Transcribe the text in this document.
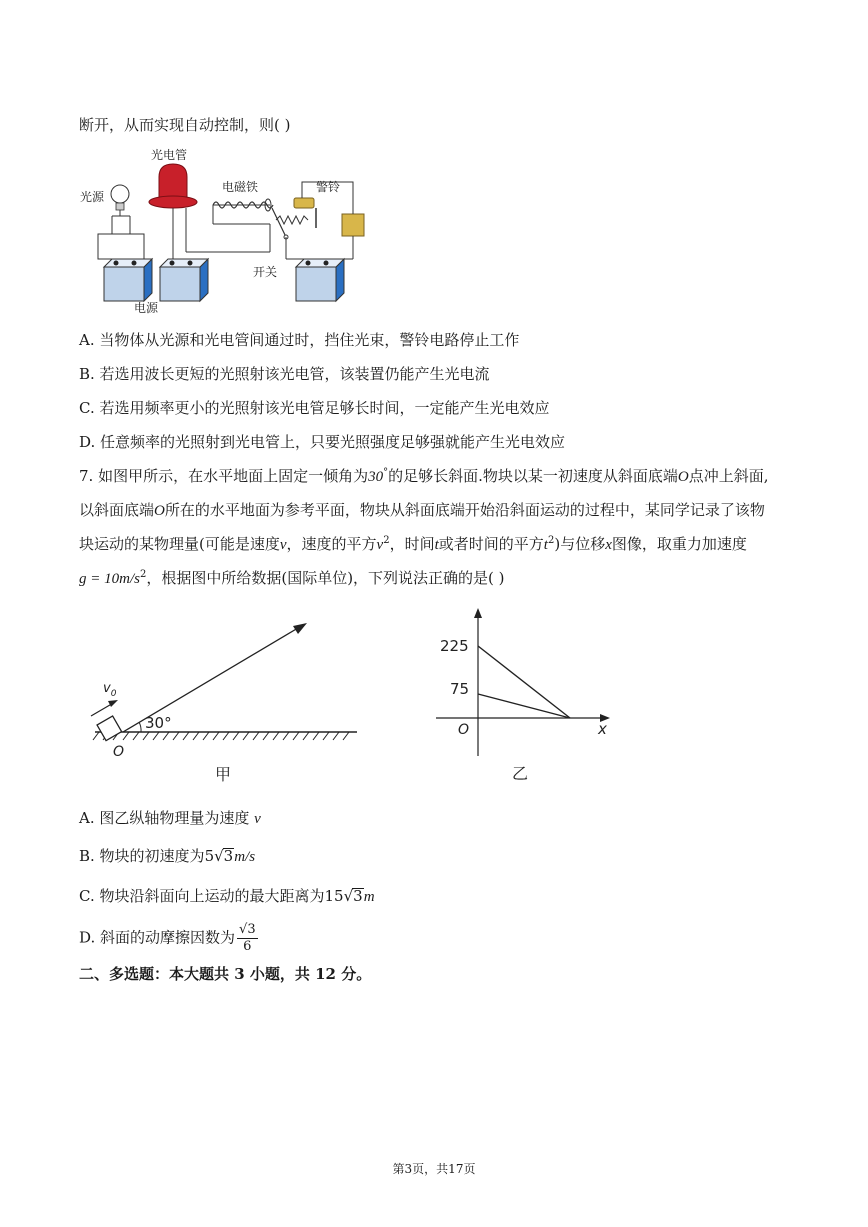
断开，从而实现自动控制，则( )
光电管
光源
电磁铁	警铃
开关
电源
A. 当物体从光源和光电管间通过时，挡住光束，警铃电路停止工作
B. 若选用波长更短的光照射该光电管，该装置仍能产生光电流
C. 若选用频率更小的光照射该光电管足够长时间，一定能产生光电效应
D. 任意频率的光照射到光电管上，只要光照强度足够强就能产生光电效应
7. 如图甲所示，在水平地面上固定一倾角为30°的足够长斜面.物块以某一初速度从斜面底端O点冲上斜面,
以斜面底端O所在的水平地面为参考平面，物块从斜面底端开始沿斜面运动的过程中，某同学记录了该物
块运动的某物理量(可能是速度v，速度的平方$v^2$，时间t或者时间的平方$t^2$)与位移x图像，取重力加速度
$g = 10m/s^2$，根据图中所给数据(国际单位)，下列说法正确的是( )
$v_0$
30°
O
甲
225
75
O	x
乙
A. 图乙纵轴物理量为速度 v
B. 物块的初速度为5√3m/s
C. 物块沿斜面向上运动的最大距离为15√3m
D. 斜面的动摩擦因数为 $\frac{√3}{6}$
二、多选题：本大题共 3 小题，共 12 分。
第3页，共17页
